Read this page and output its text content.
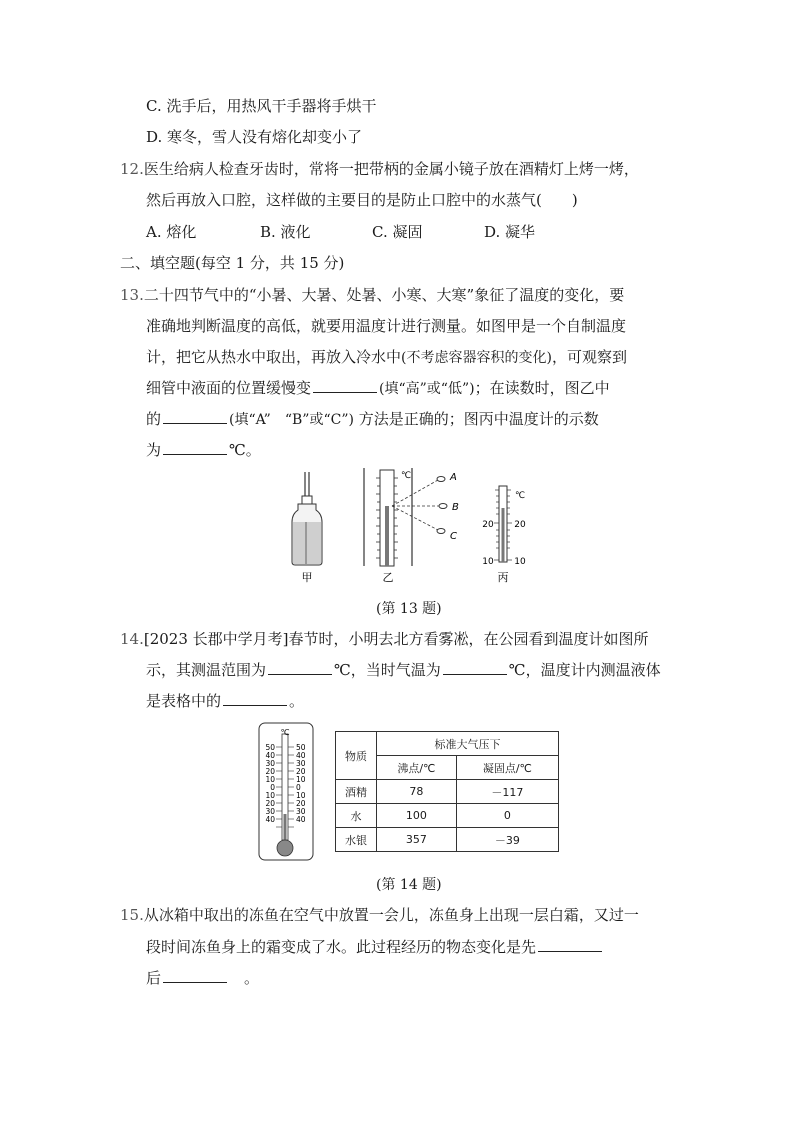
C. 洗手后，用热风干手器将手烘干
D. 寒冬，雪人没有熔化却变小了
12.医生给病人检查牙齿时，常将一把带柄的金属小镜子放在酒精灯上烤一烤，
然后再放入口腔，这样做的主要目的是防止口腔中的水蒸气(　　)
A. 熔化	B. 液化	C. 凝固	D. 凝华
二、填空题(每空 1 分，共 15 分)
13.二十四节气中的“小暑、大暑、处暑、小寒、大寒”象征了温度的变化，要
准确地判断温度的高低，就要用温度计进行测量。如图甲是一个自制温度
计，把它从热水中取出，再放入冷水中(不考虑容器容积的变化)，可观察到
细管中液面的位置缓慢变	(填“高”或“低”)；在读数时，图乙中
的	(填“A”　“B”或“C”) 方法是正确的；图丙中温度计的示数
为	℃。
甲
℃	A
B
C
乙
℃
20 20
10 10
丙
(第 13 题)
14.[2023 长郡中学月考]春节时，小明去北方看雾凇，在公园看到温度计如图所
示，其测温范围为	℃，当时气温为	℃，温度计内测温液体
是表格中的	。
℃
50
40
30
20
10
0
10
20
30
40
50
40
30
20
10
0
10
20
30
40
物质	标准大气压下	
	沸点/℃	凝固点/℃
酒精	78	－117
水	100	0
水银	357	－39
(第 14 题)
15.从冰箱中取出的冻鱼在空气中放置一会儿，冻鱼身上出现一层白霜，又过一
段时间冻鱼身上的霜变成了水。此过程经历的物态变化是先
后　	。
